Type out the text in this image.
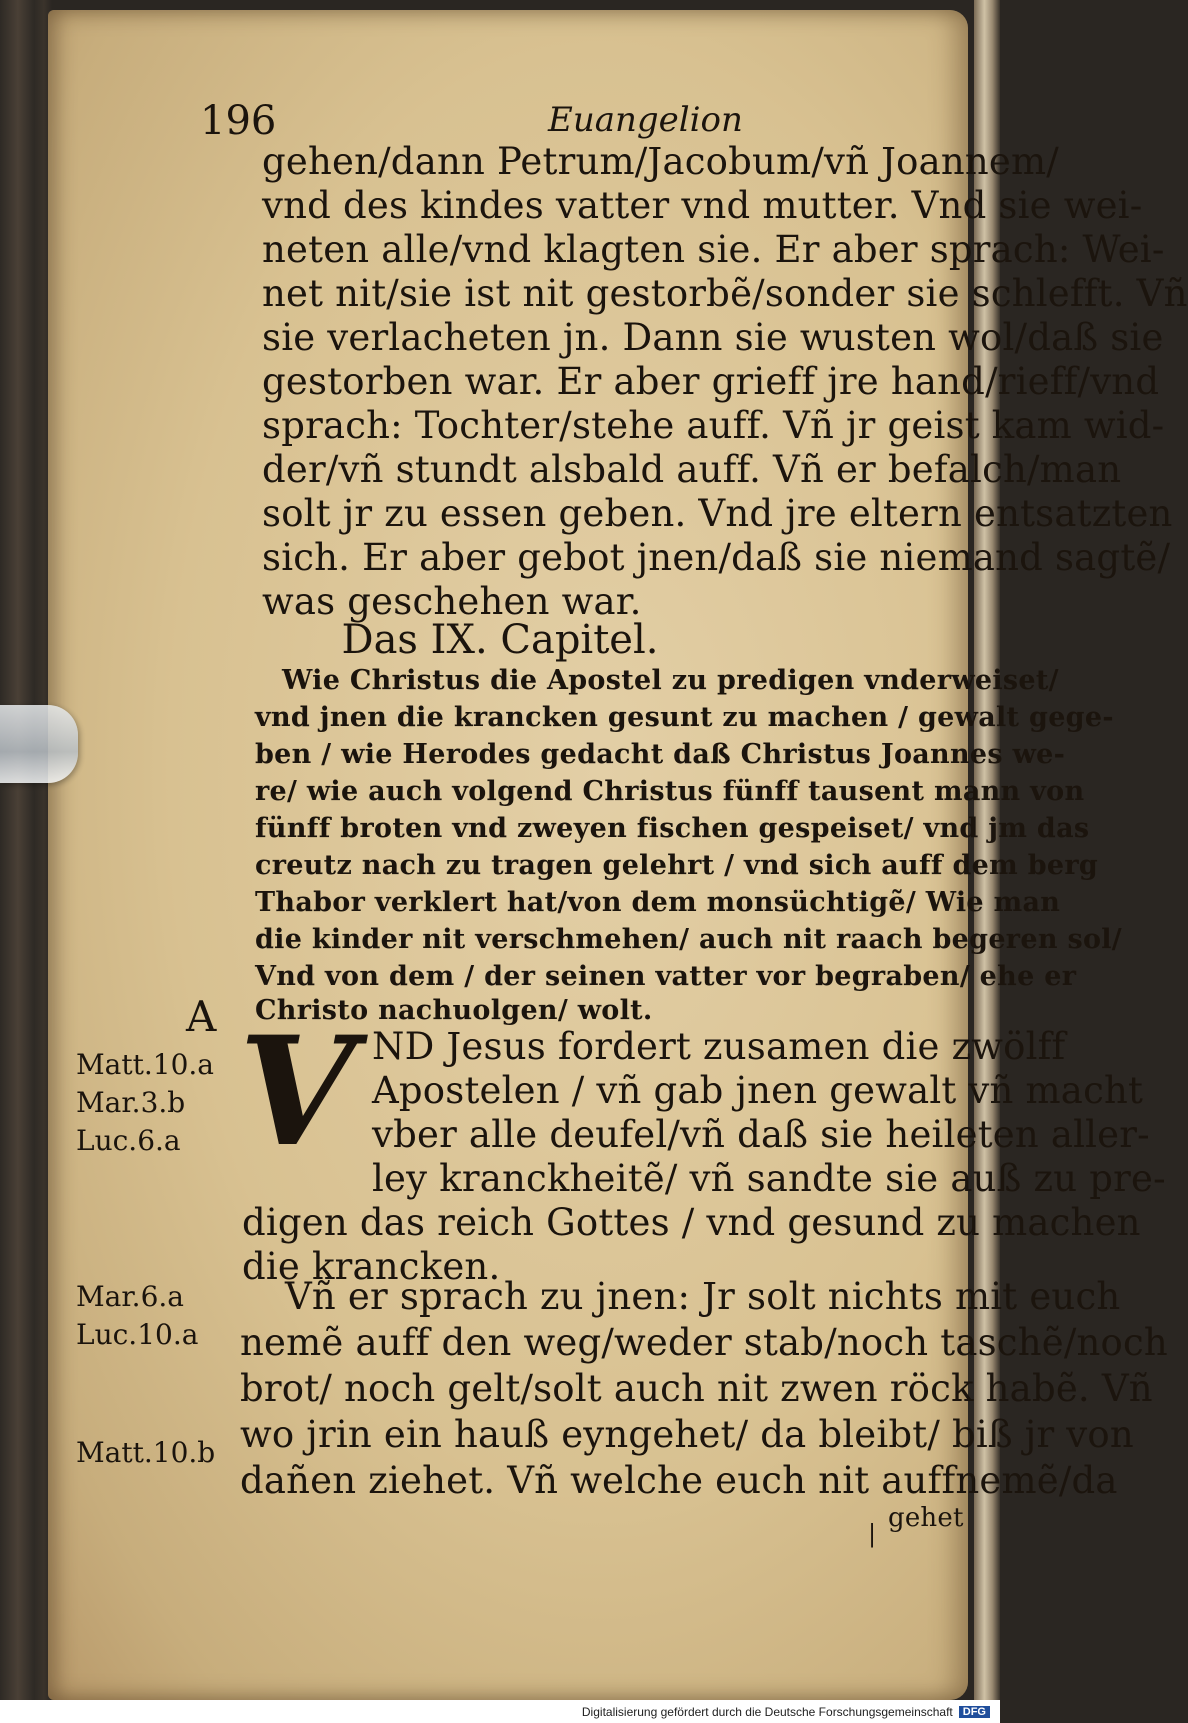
196	Euangelion
gehen/dann Petrum/Jacobum/vñ Joannem/
vnd des kindes vatter vnd mutter. Vnd sie wei-
neten alle/vnd klagten sie. Er aber sprach: Wei-
net nit/sie ist nit gestorbẽ/sonder sie schlefft. Vñ
sie verlacheten jn. Dann sie wusten wol/daß sie
gestorben war. Er aber grieff jre hand/rieff/vnd
sprach: Tochter/stehe auff. Vñ jr geist kam wid-
der/vñ stundt alsbald auff. Vñ er befalch/man
solt jr zu essen geben. Vnd jre eltern entsatzten
sich. Er aber gebot jnen/daß sie niemand sagtẽ/
was geschehen war.
Das IX. Capitel.
Wie Christus die Apostel zu predigen vnderweiset/
vnd jnen die krancken gesunt zu machen / gewalt gege-
ben / wie Herodes gedacht daß Christus Joannes we-
re/ wie auch volgend Christus fünff tausent mann von
fünff broten vnd zweyen fischen gespeiset/ vnd jm das
creutz nach zu tragen gelehrt / vnd sich auff dem berg
Thabor verklert hat/von dem monsüchtigẽ/ Wie man
die kinder nit verschmehen/ auch nit raach begeren sol/
Vnd von dem / der seinen vatter vor begraben/ ehe er
Christo nachuolgen/ wolt.
V ND Jesus fordert zusamen die zwölff
Apostelen / vñ gab jnen gewalt vñ macht
vber alle deufel/vñ daß sie heileten aller-
ley kranckheitẽ/ vñ sandte sie auß zu pre-
digen das reich Gottes / vnd gesund zu machen
die krancken.
Vñ er sprach zu jnen: Jr solt nichts mit euch
nemẽ auff den weg/weder stab/noch taschẽ/noch
brot/ noch gelt/solt auch nit zwen röck habẽ. Vñ
wo jrin ein hauß eyngehet/ da bleibt/ biß jr von
dañen ziehet. Vñ welche euch nit auffnemẽ/da
gehet
A
Matt.10.a
Mar.3.b
Luc.6.a
Mar.6.a
Luc.10.a
Matt.10.b
|
Digitalisierung gefördert durch die Deutsche Forschungsgemeinschaft DFG
